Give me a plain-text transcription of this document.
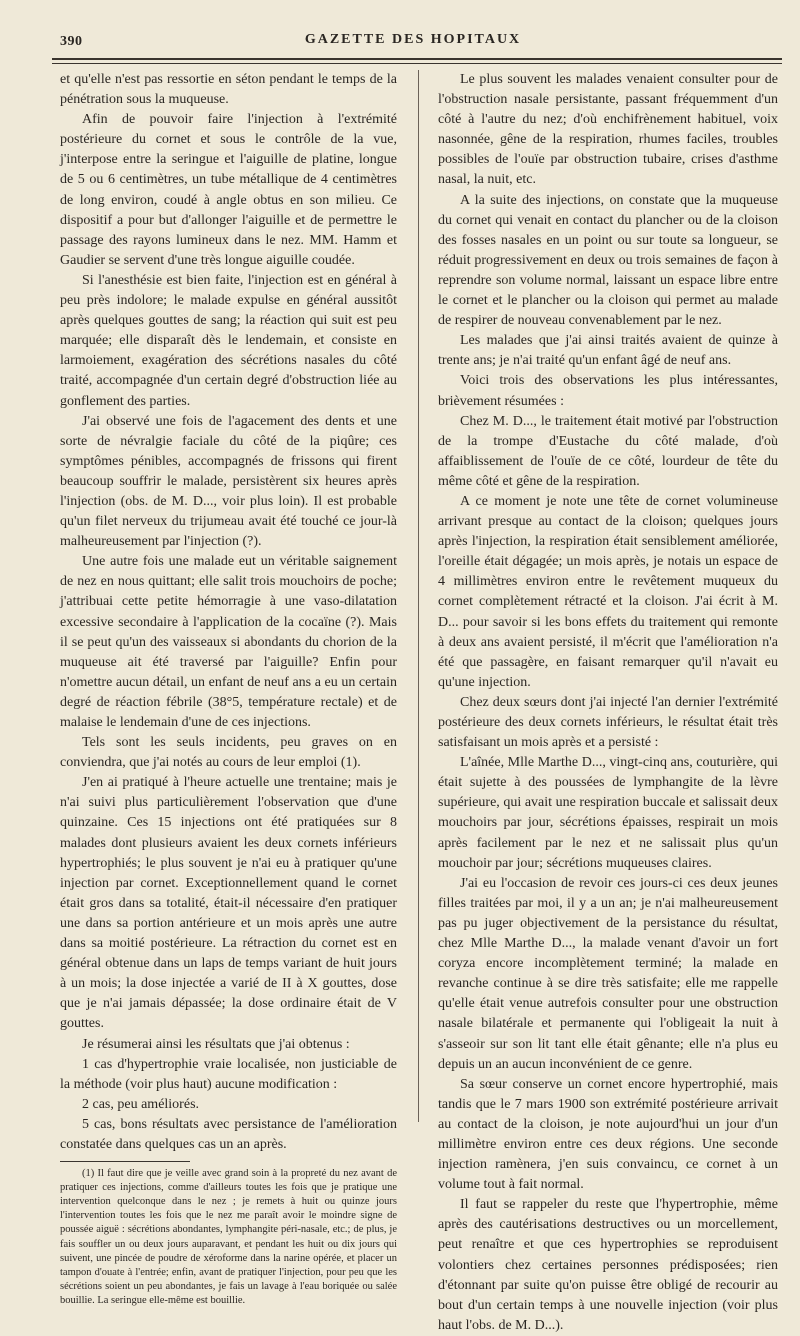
390	GAZETTE DES HOPITAUX

et qu'elle n'est pas ressortie en séton pendant le temps de la pénétration sous la muqueuse.

Afin de pouvoir faire l'injection à l'extrémité postérieure du cornet et sous le contrôle de la vue, j'interpose entre la seringue et l'aiguille de platine, longue de 5 ou 6 centimètres, un tube métallique de 4 centimètres de long environ, coudé à angle obtus en son milieu. Ce dispositif a pour but d'allonger l'aiguille et de permettre le passage des rayons lumineux dans le nez. MM. Hamm et Gaudier se servent d'une très longue aiguille coudée.

Si l'anesthésie est bien faite, l'injection est en général à peu près indolore; le malade expulse en général aussitôt après quelques gouttes de sang; la réaction qui suit est peu marquée; elle disparaît dès le lendemain, et consiste en larmoiement, exagération des sécrétions nasales du côté traité, accompagnée d'un certain degré d'obstruction liée au gonflement des parties.

J'ai observé une fois de l'agacement des dents et une sorte de névralgie faciale du côté de la piqûre; ces symptômes pénibles, accompagnés de frissons qui firent beaucoup souffrir le malade, persistèrent six heures après l'injection (obs. de M. D..., voir plus loin). Il est probable qu'un filet nerveux du trijumeau avait été touché ce jour-là malheureusement par l'injection (?).

Une autre fois une malade eut un véritable saignement de nez en nous quittant; elle salit trois mouchoirs de poche; j'attribuai cette petite hémorragie à une vaso-dilatation excessive secondaire à l'application de la cocaïne (?). Mais il se peut qu'un des vaisseaux si abondants du chorion de la muqueuse ait été traversé par l'aiguille? Enfin pour n'omettre aucun détail, un enfant de neuf ans a eu un certain degré de réaction fébrile (38°5, température rectale) et de malaise le lendemain d'une de ces injections.

Tels sont les seuls incidents, peu graves on en conviendra, que j'ai notés au cours de leur emploi (1).

J'en ai pratiqué à l'heure actuelle une trentaine; mais je n'ai suivi plus particulièrement l'observation que d'une quinzaine. Ces 15 injections ont été pratiquées sur 8 malades dont plusieurs avaient les deux cornets inférieurs hypertrophiés; le plus souvent je n'ai eu à pratiquer qu'une injection par cornet. Exceptionnellement quand le cornet était gros dans sa totalité, était-il nécessaire d'en pratiquer une dans sa portion antérieure et un mois après une autre dans sa moitié postérieure. La rétraction du cornet est en général obtenue dans un laps de temps variant de huit jours à un mois; la dose injectée a varié de II à X gouttes, dose que je n'ai jamais dépassée; la dose ordinaire était de V gouttes.

Je résumerai ainsi les résultats que j'ai obtenus :

1 cas d'hypertrophie vraie localisée, non justiciable de la méthode (voir plus haut) aucune modification :

2 cas, peu améliorés.

5 cas, bons résultats avec persistance de l'amélioration constatée dans quelques cas un an après.

(1) Il faut dire que je veille avec grand soin à la propreté du nez avant de pratiquer ces injections, comme d'ailleurs toutes les fois que je pratique une intervention quelconque dans le nez ; je remets à huit ou quinze jours l'intervention toutes les fois que le nez me paraît avoir le moindre signe de poussée aiguë : sécrétions abondantes, lymphangite péri-nasale, etc.; de plus, je fais souffler un ou deux jours auparavant, et pendant les huit ou dix jours qui suivent, une pincée de poudre de xéroforme dans la narine opérée, et placer un tampon d'ouate à l'entrée; enfin, avant de pratiquer l'injection, pour peu que les sécrétions soient un peu abondantes, je fais un lavage à l'eau boriquée ou salée bouillie. La seringue elle-même est bouillie.

Le plus souvent les malades venaient consulter pour de l'obstruction nasale persistante, passant fréquemment d'un côté à l'autre du nez; d'où enchifrènement habituel, voix nasonnée, gêne de la respiration, rhumes faciles, troubles possibles de l'ouïe par obstruction tubaire, crises d'asthme nasal, la nuit, etc.

A la suite des injections, on constate que la muqueuse du cornet qui venait en contact du plancher ou de la cloison des fosses nasales en un point ou sur toute sa longueur, se réduit progressivement en deux ou trois semaines de façon à reprendre son volume normal, laissant un espace libre entre le cornet et le plancher ou la cloison qui permet au malade de respirer de nouveau convenablement par le nez.

Les malades que j'ai ainsi traités avaient de quinze à trente ans; je n'ai traité qu'un enfant âgé de neuf ans.

Voici trois des observations les plus intéressantes, brièvement résumées :

Chez M. D..., le traitement était motivé par l'obstruction de la trompe d'Eustache du côté malade, d'où affaiblissement de l'ouïe de ce côté, lourdeur de tête du même côté et gêne de la respiration.

A ce moment je note une tête de cornet volumineuse arrivant presque au contact de la cloison; quelques jours après l'injection, la respiration était sensiblement améliorée, l'oreille était dégagée; un mois après, je notais un espace de 4 millimètres environ entre le revêtement muqueux du cornet complètement rétracté et la cloison. J'ai écrit à M. D... pour savoir si les bons effets du traitement qui remonte à deux ans avaient persisté, il m'écrit que l'amélioration n'a été que passagère, en faisant remarquer qu'il n'avait eu qu'une injection.

Chez deux sœurs dont j'ai injecté l'an dernier l'extrémité postérieure des deux cornets inférieurs, le résultat était très satisfaisant un mois après et a persisté :

L'aînée, Mlle Marthe D..., vingt-cinq ans, couturière, qui était sujette à des poussées de lymphangite de la lèvre supérieure, qui avait une respiration buccale et salissait deux mouchoirs par jour, sécrétions épaisses, respirait un mois après facilement par le nez et ne salissait plus qu'un mouchoir par jour; sécrétions muqueuses claires.

J'ai eu l'occasion de revoir ces jours-ci ces deux jeunes filles traitées par moi, il y a un an; je n'ai malheureusement pas pu juger objectivement de la persistance du résultat, chez Mlle Marthe D..., la malade venant d'avoir un fort coryza encore incomplètement terminé; la malade en revanche continue à se dire très satisfaite; elle me rappelle qu'elle était venue autrefois consulter pour une obstruction nasale bilatérale et permanente qui l'obligeait la nuit à s'asseoir sur son lit tant elle était gênante; elle n'a plus eu depuis un an aucun inconvénient de ce genre.

Sa sœur conserve un cornet encore hypertrophié, mais tandis que le 7 mars 1900 son extrémité postérieure arrivait au contact de la cloison, je note aujourd'hui un jour d'un millimètre environ entre ces deux régions. Une seconde injection ramènera, j'en suis convaincu, ce cornet à un volume tout à fait normal.

Il faut se rappeler du reste que l'hypertrophie, même après des cautérisations destructives ou un morcellement, peut renaître et que ces hypertrophies se reproduisent volontiers chez certaines personnes prédisposées; rien d'étonnant par suite qu'on puisse être obligé de recourir au bout d'un certain temps à une nouvelle injection (voir plus haut l'obs. de M. D...).
